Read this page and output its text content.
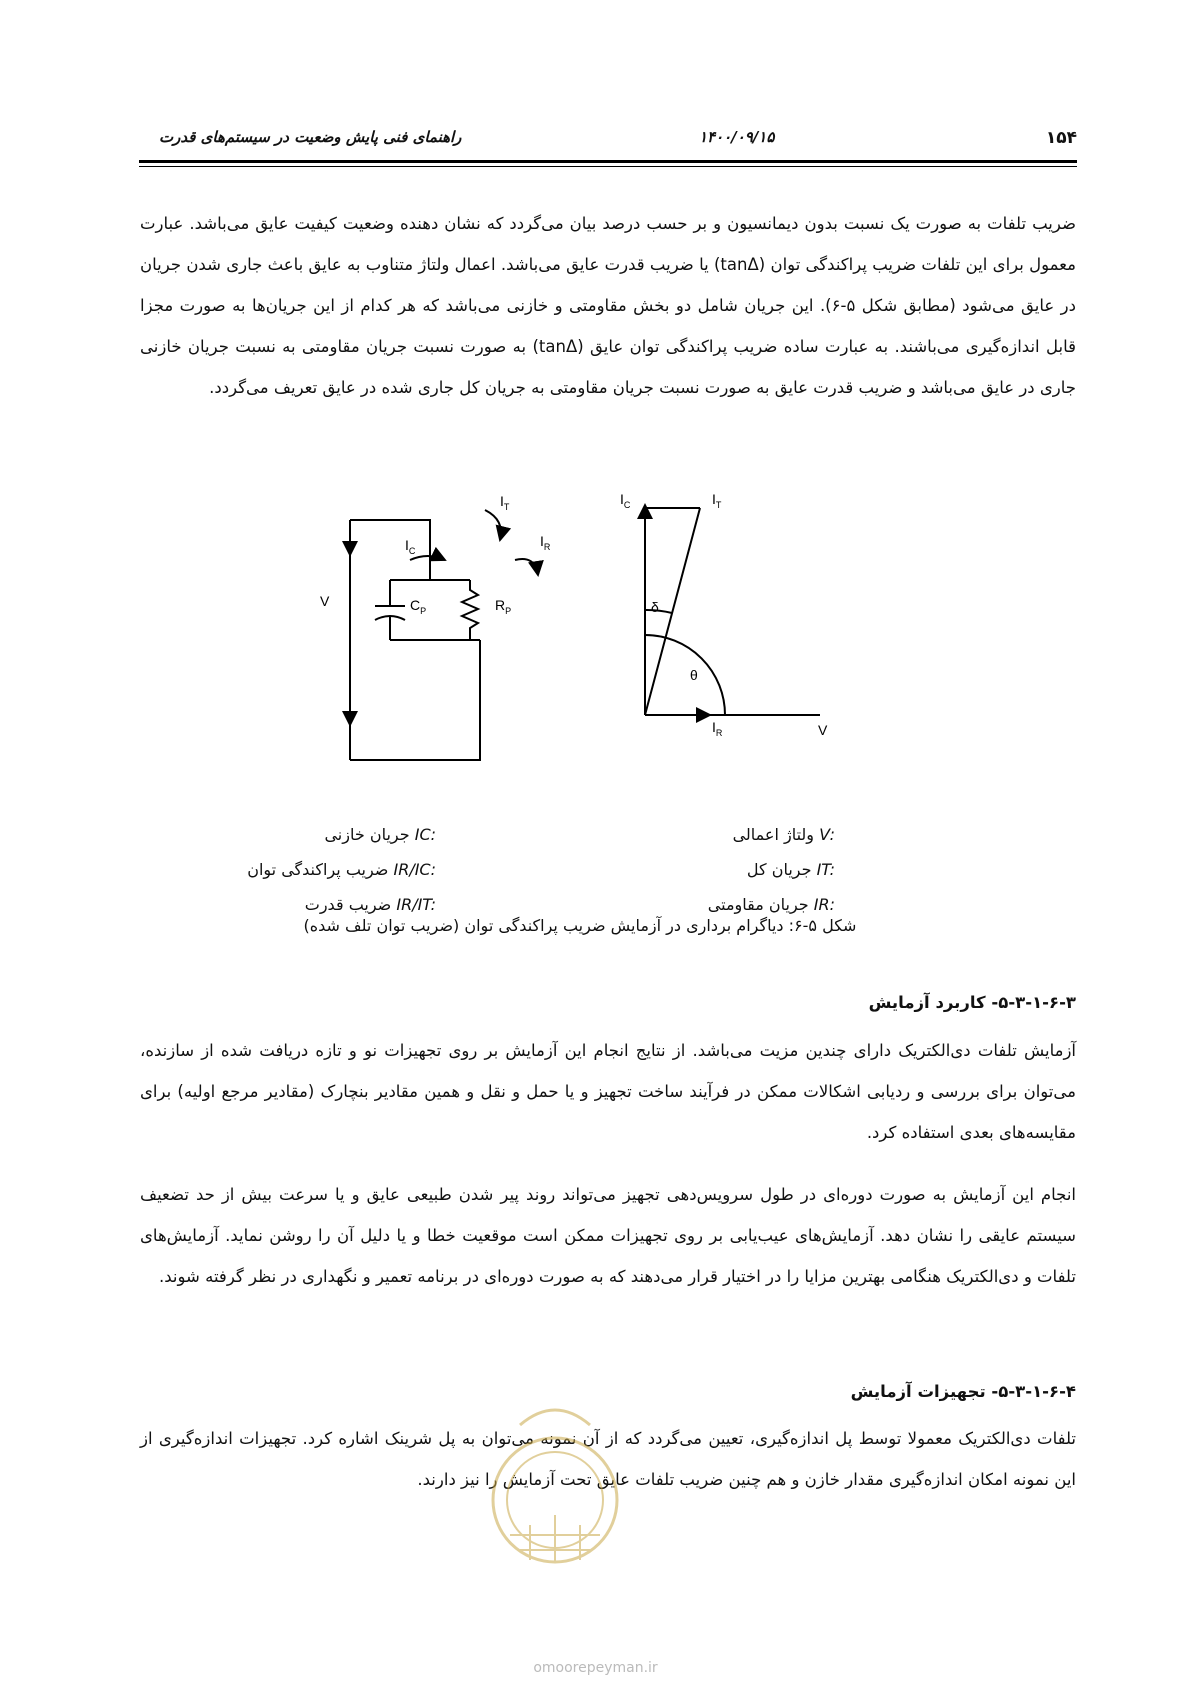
۱۵۴
۱۴۰۰/۰۹/۱۵
راهنمای فنی پایش وضعیت در سیستم‌های قدرت

ضریب تلفات به صورت یک نسبت بدون دیمانسیون و بر حسب درصد بیان می‌گردد که نشان دهنده وضعیت کیفیت عایق می‌باشد. عبارت معمول برای این تلفات ضریب پراکندگی توان (tanΔ) یا ضریب قدرت عایق می‌باشد. اعمال ولتاژ متناوب به عایق باعث جاری شدن جریان در عایق می‌شود (مطابق شکل ۵-۶). این جریان شامل دو بخش مقاومتی و خازنی می‌باشد که هر کدام از این جریان‌ها به صورت مجزا قابل اندازه‌گیری می‌باشند. به عبارت ساده ضریب پراکندگی توان عایق (tanΔ) به صورت نسبت جریان مقاومتی به نسبت جریان خازنی جاری در عایق می‌باشد و ضریب قدرت عایق به صورت نسبت جریان مقاومتی به جریان کل جاری شده در عایق تعریف می‌گردد.

$I_T$
$I_C$
$I_R$
V	$C_P$	$R_P$
$I_C$	$I_T$
$I_R$	V
δ
θ
V: ولتاژ اعمالی
IT: جریان کل
IR: جریان مقاومتی
IC: جریان خازنی
IR/IC: ضریب پراکندگی توان
IR/IT: ضریب قدرت
شکل ۵-۶: دیاگرام برداری در آزمایش ضریب پراکندگی توان (ضریب توان تلف شده)
۵-۳-۱-۶-۳- کاربرد آزمایش

آزمایش تلفات دی‌الکتریک دارای چندین مزیت می‌باشد. از نتایج انجام این آزمایش بر روی تجهیزات نو و تازه دریافت شده از سازنده، می‌توان برای بررسی و ردیابی اشکالات ممکن در فرآیند ساخت تجهیز و یا حمل و نقل و همین مقادیر بنچارک (مقادیر مرجع اولیه) برای مقایسه‌های بعدی استفاده کرد.

انجام این آزمایش به صورت دوره‌ای در طول سرویس‌دهی تجهیز می‌تواند روند پیر شدن طبیعی عایق و یا سرعت بیش از حد تضعیف سیستم عایقی را نشان دهد. آزمایش‌های عیب‌یابی بر روی تجهیزات ممکن است موقعیت خطا و یا دلیل آن را روشن نماید. آزمایش‌های تلفات و دی‌الکتریک هنگامی بهترین مزایا را در اختیار قرار می‌دهند که به صورت دوره‌ای در برنامه تعمیر و نگهداری در نظر گرفته شوند.

۵-۳-۱-۶-۴- تجهیزات آزمایش

تلفات دی‌الکتریک معمولا توسط پل اندازه‌گیری، تعیین می‌گردد که از آن نمونه می‌توان به پل شرینک اشاره کرد. تجهیزات اندازه‌گیری از این نمونه امکان اندازه‌گیری مقدار خازن و هم چنین ضریب تلفات عایق تحت آزمایش را نیز دارند.

omoorepeyman.ir
